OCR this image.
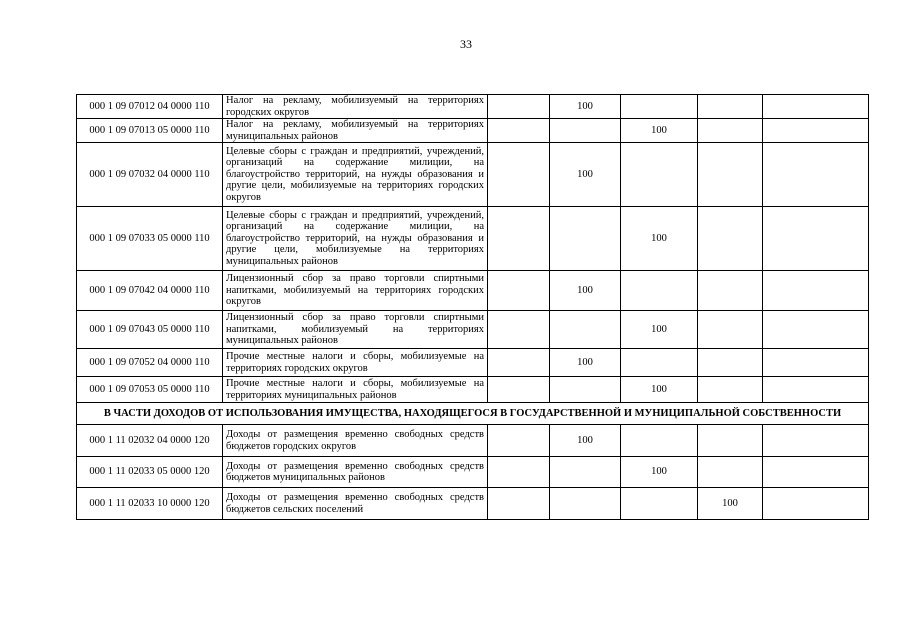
33
000 1 09 07012 04 0000 110	Налог на рекламу, мобилизуемый на территориях городских округов		100			
000 1 09 07013 05 0000 110	Налог на рекламу, мобилизуемый на территориях муниципальных районов			100		
000 1 09 07032 04 0000 110	Целевые сборы с граждан и предприятий, учреждений, организаций на содержание милиции, на благоустройство территорий, на нужды образования и другие цели, мобилизуемые на территориях городских округов		100			
000 1 09 07033 05 0000 110	Целевые сборы с граждан и предприятий, учреждений, организаций на содержание милиции, на благоустройство территорий, на нужды образования и другие цели, мобилизуемые на территориях муниципальных районов			100		
000 1 09 07042 04 0000 110	Лицензионный сбор за право торговли спиртными напитками, мобилизуемый на территориях городских округов		100			
000 1 09 07043 05 0000 110	Лицензионный сбор за право торговли спиртными напитками, мобилизуемый на территориях муниципальных районов			100		
000 1 09 07052 04 0000 110	Прочие местные налоги и сборы, мобилизуемые на территориях городских округов		100			
000 1 09 07053 05 0000 110	Прочие местные налоги и сборы, мобилизуемые на территориях муниципальных районов			100		
В ЧАСТИ ДОХОДОВ ОТ ИСПОЛЬЗОВАНИЯ ИМУЩЕСТВА, НАХОДЯЩЕГОСЯ В ГОСУДАРСТВЕННОЙ И МУНИЦИПАЛЬНОЙ СОБСТВЕННОСТИ						
000 1 11 02032 04 0000 120	Доходы от размещения временно свободных средств бюджетов городских округов		100			
000 1 11 02033 05 0000 120	Доходы от размещения временно свободных средств бюджетов муниципальных районов			100		
000 1 11 02033 10 0000 120	Доходы от размещения временно свободных средств бюджетов сельских поселений				100	
